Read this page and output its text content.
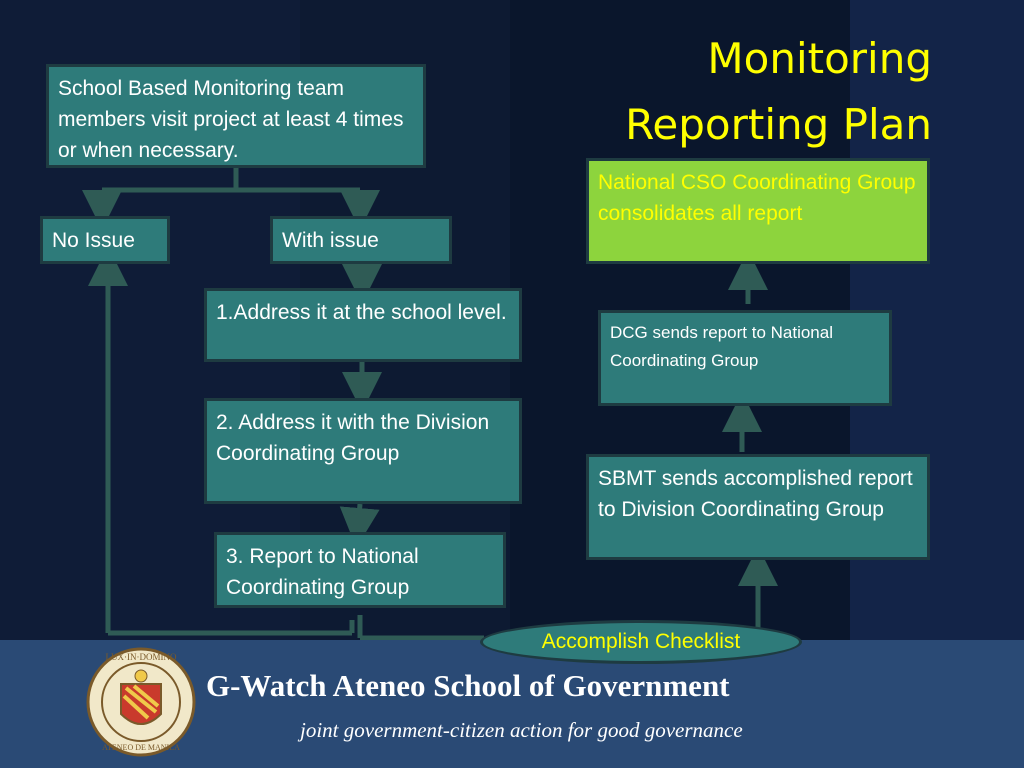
Monitoring
Reporting Plan
School Based Monitoring team members visit project at least 4 times or when necessary.
No Issue	With issue
1.Address it at the school level.
2. Address it with the Division Coordinating Group
3. Report to National Coordinating Group
National CSO Coordinating Group consolidates all report
DCG sends report to National Coordinating Group
SBMT sends accomplished report to Division Coordinating Group
Accomplish Checklist
LUX·IN·DOMINO
ATENEO DE MANILA
G-Watch Ateneo School of Government
joint government-citizen action for good governance
